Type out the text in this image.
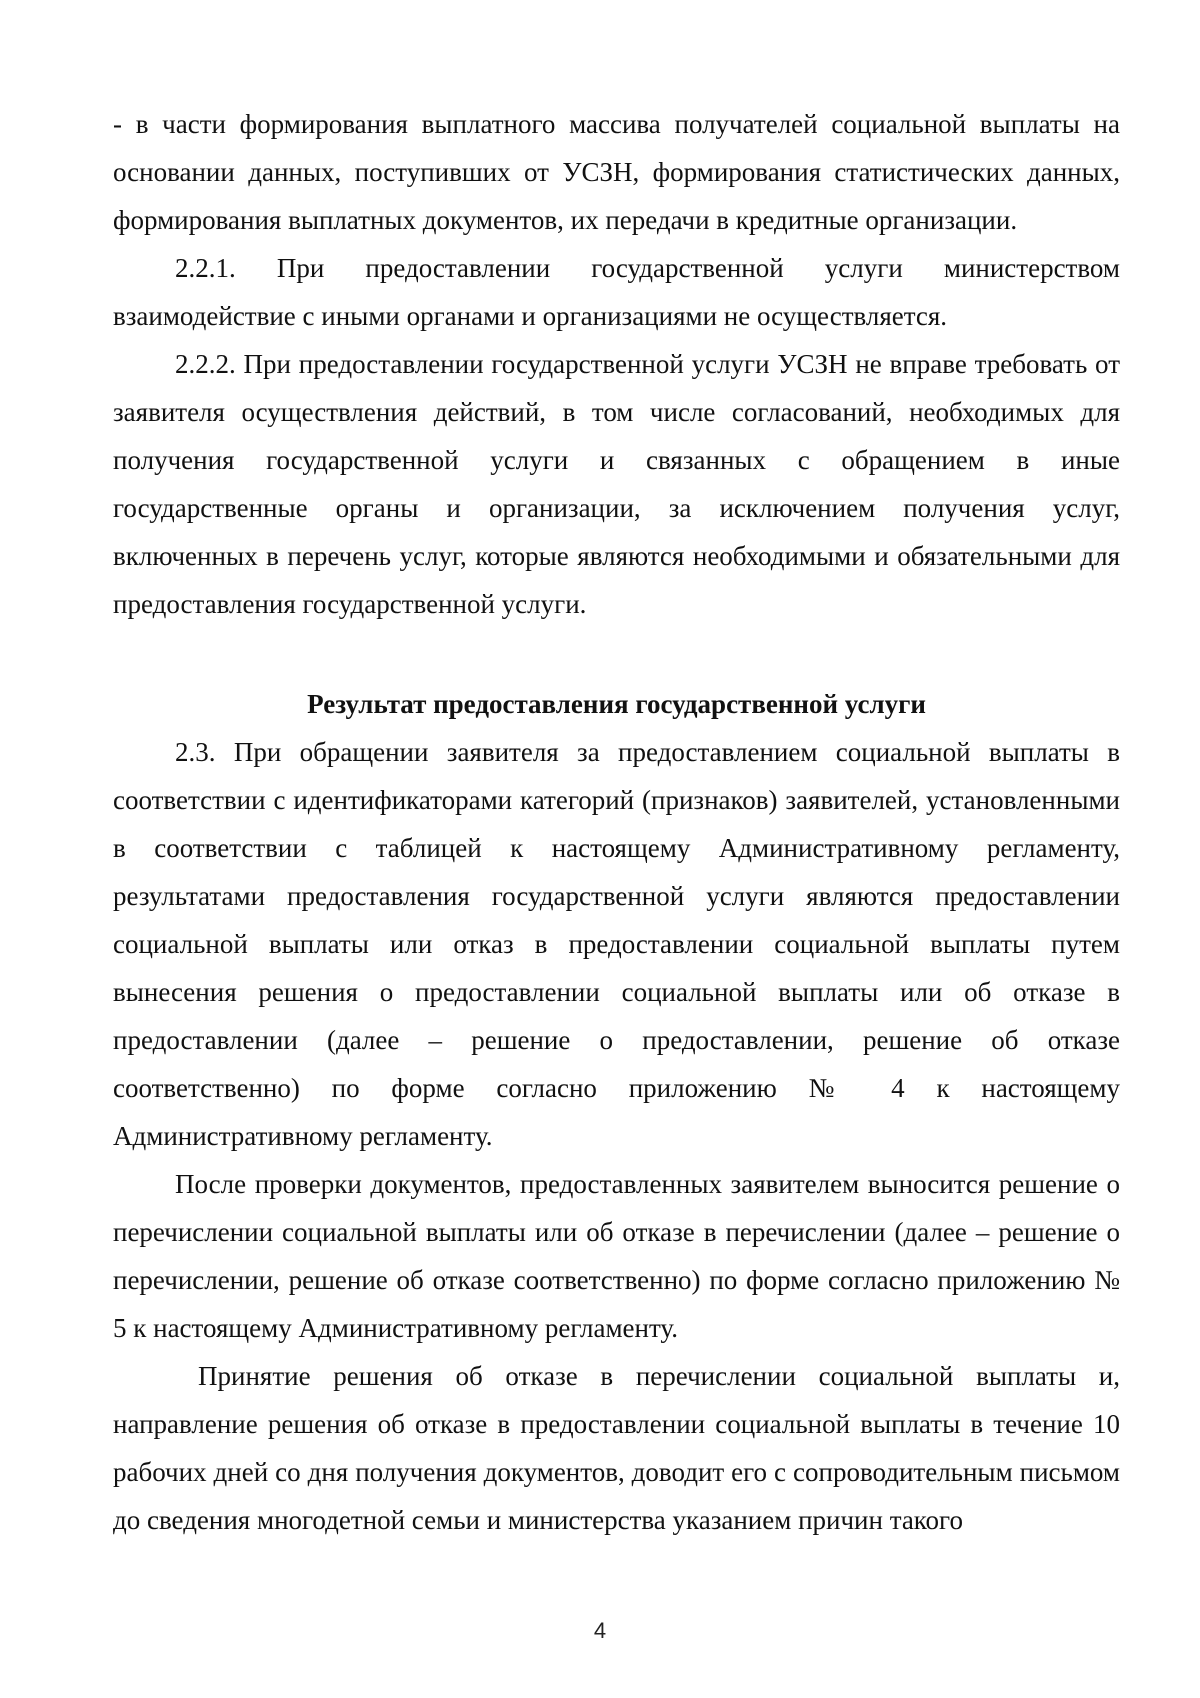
- в части формирования выплатного массива получателей социальной выплаты на основании данных, поступивших от УСЗН, формирования статистических данных, формирования выплатных документов, их передачи в кредитные организации.

2.2.1. При предоставлении государственной услуги министерством взаимодействие с иными органами и организациями не осуществляется.

2.2.2. При предоставлении государственной услуги УСЗН не вправе требовать от заявителя осуществления действий, в том числе согласований, необходимых для получения государственной услуги и связанных с обращением в иные государственные органы и организации, за исключением получения услуг, включенных в перечень услуг, которые являются необходимыми и обязательными для предоставления государственной услуги.

Результат предоставления государственной услуги

2.3. При обращении заявителя за предоставлением социальной выплаты в соответствии с идентификаторами категорий (признаков) заявителей, установленными в соответствии с таблицей к настоящему Административному регламенту, результатами предоставления государственной услуги являются предоставлении социальной выплаты или отказ в предоставлении социальной выплаты путем вынесения решения о предоставлении социальной выплаты или об отказе в предоставлении (далее – решение о предоставлении, решение об отказе соответственно) по форме согласно приложению № 4 к настоящему Административному регламенту.

После проверки документов, предоставленных заявителем выносится решение о перечислении социальной выплаты или об отказе в перечислении (далее – решение о перечислении, решение об отказе соответственно) по форме согласно приложению № 5 к настоящему Административному регламенту.

Принятие решения об отказе в перечислении социальной выплаты и, направление решения об отказе в предоставлении социальной выплаты в течение 10 рабочих дней со дня получения документов, доводит его с сопроводительным письмом до сведения многодетной семьи и министерства указанием причин такого

4
